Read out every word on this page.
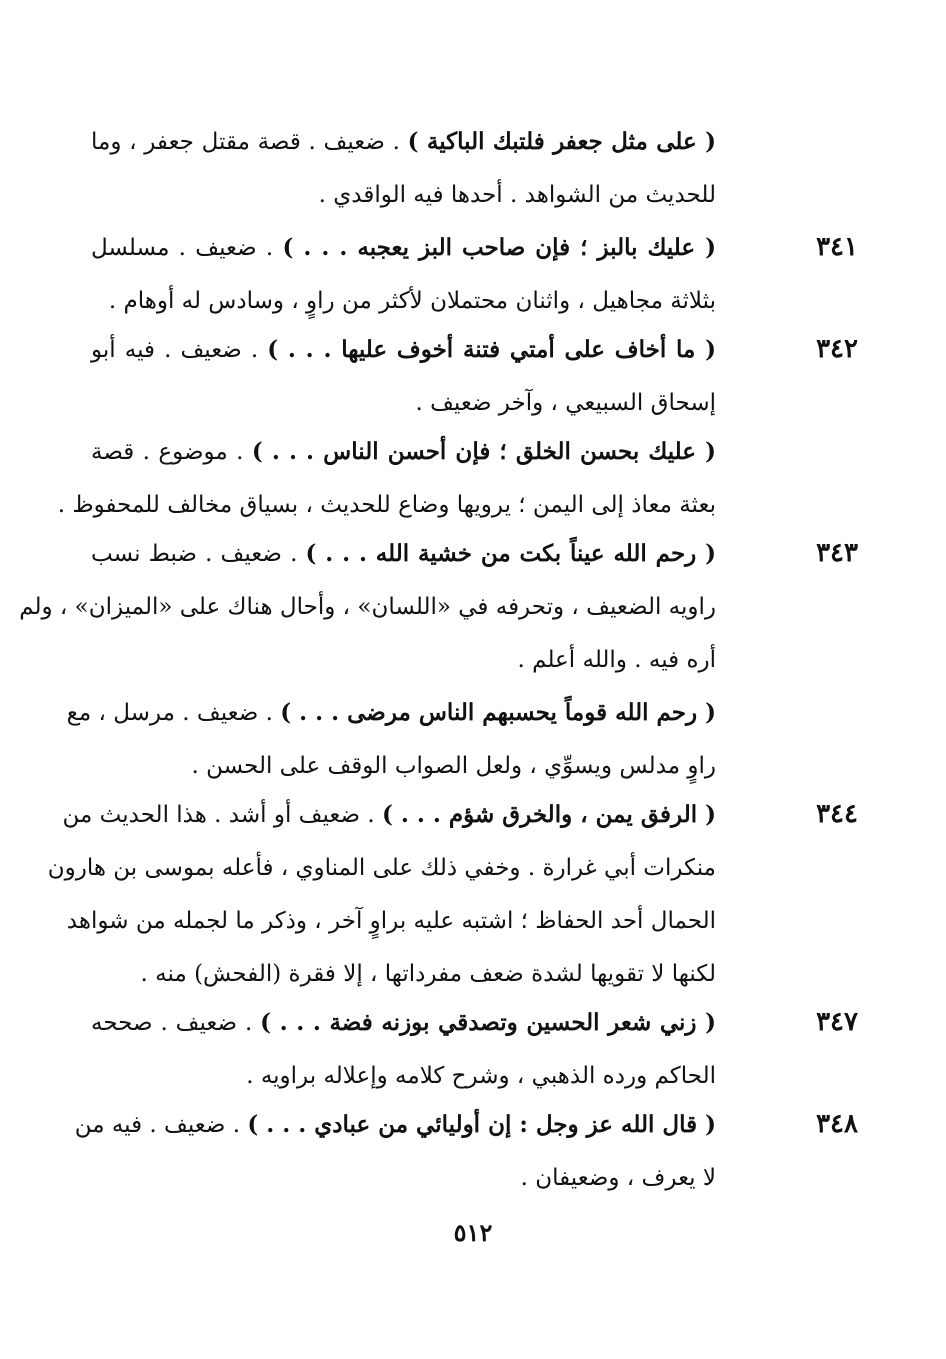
( على مثل جعفر فلتبك الباكية ) . ضعيف . قصة مقتل جعفر ، وما
للحديث من الشواهد . أحدها فيه الواقدي .
٣٤١
( عليك بالبز ؛ فإن صاحب البز يعجبه . . . ) . ضعيف . مسلسل
بثلاثة مجاهيل ، واثنان محتملان لأكثر من راوٍ ، وسادس له أوهام .
٣٤٢
( ما أخاف على أمتي فتنة أخوف عليها . . . ) . ضعيف . فيه أبو
إسحاق السبيعي ، وآخر ضعيف .
( عليك بحسن الخلق ؛ فإن أحسن الناس . . . ) . موضوع . قصة
بعثة معاذ إلى اليمن ؛ يرويها وضاع للحديث ، بسياق مخالف للمحفوظ .
٣٤٣
( رحم الله عيناً بكت من خشية الله . . . ) . ضعيف . ضبط نسب
راويه الضعيف ، وتحرفه في «اللسان» ، وأحال هناك على «الميزان» ، ولم
أره فيه . والله أعلم .
( رحم الله قوماً يحسبهم الناس مرضى . . . ) . ضعيف . مرسل ، مع
راوٍ مدلس ويسوِّي ، ولعل الصواب الوقف على الحسن .
٣٤٤
( الرفق يمن ، والخرق شؤم . . . ) . ضعيف أو أشد . هذا الحديث من
منكرات أبي غرارة . وخفي ذلك على المناوي ، فأعله بموسى بن هارون
الحمال أحد الحفاظ ؛ اشتبه عليه براوٍ آخر ، وذكر ما لجمله من شواهد
لكنها لا تقويها لشدة ضعف مفرداتها ، إلا فقرة (الفحش) منه .
٣٤٧
( زني شعر الحسين وتصدقي بوزنه فضة . . . ) . ضعيف . صححه
الحاكم ورده الذهبي ، وشرح كلامه وإعلاله براويه .
٣٤٨
( قال الله عز وجل : إن أوليائي من عبادي . . . ) . ضعيف . فيه من
لا يعرف ، وضعيفان .
٥١٢
